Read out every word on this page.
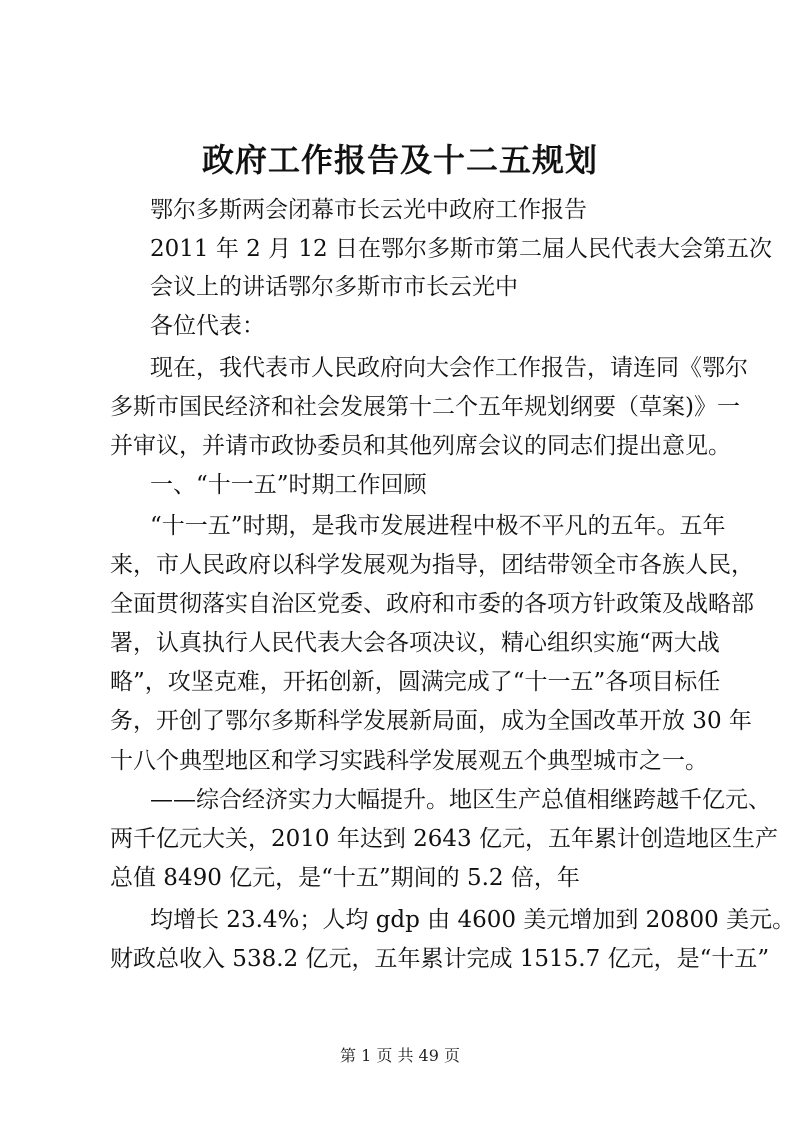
政府工作报告及十二五规划
鄂尔多斯两会闭幕市长云光中政府工作报告
2011 年 2 月 12 日在鄂尔多斯市第二届人民代表大会第五次
会议上的讲话鄂尔多斯市市长云光中
各位代表：
现在，我代表市人民政府向大会作工作报告，请连同《鄂尔
多斯市国民经济和社会发展第十二个五年规划纲要（草案)》一
并审议，并请市政协委员和其他列席会议的同志们提出意见。
一、“十一五”时期工作回顾
“十一五”时期，是我市发展进程中极不平凡的五年。五年
来，市人民政府以科学发展观为指导，团结带领全市各族人民，
全面贯彻落实自治区党委、政府和市委的各项方针政策及战略部
署，认真执行人民代表大会各项决议，精心组织实施“两大战
略”，攻坚克难，开拓创新，圆满完成了“十一五”各项目标任
务，开创了鄂尔多斯科学发展新局面，成为全国改革开放 30 年
十八个典型地区和学习实践科学发展观五个典型城市之一。
——综合经济实力大幅提升。地区生产总值相继跨越千亿元、
两千亿元大关，2010 年达到 2643 亿元，五年累计创造地区生产
总值 8490 亿元，是“十五”期间的 5.2 倍，年
均增长 23.4%；人均 gdp 由 4600 美元增加到 20800 美元。
财政总收入 538.2 亿元，五年累计完成 1515.7 亿元，是“十五”
第 1 页 共 49 页
